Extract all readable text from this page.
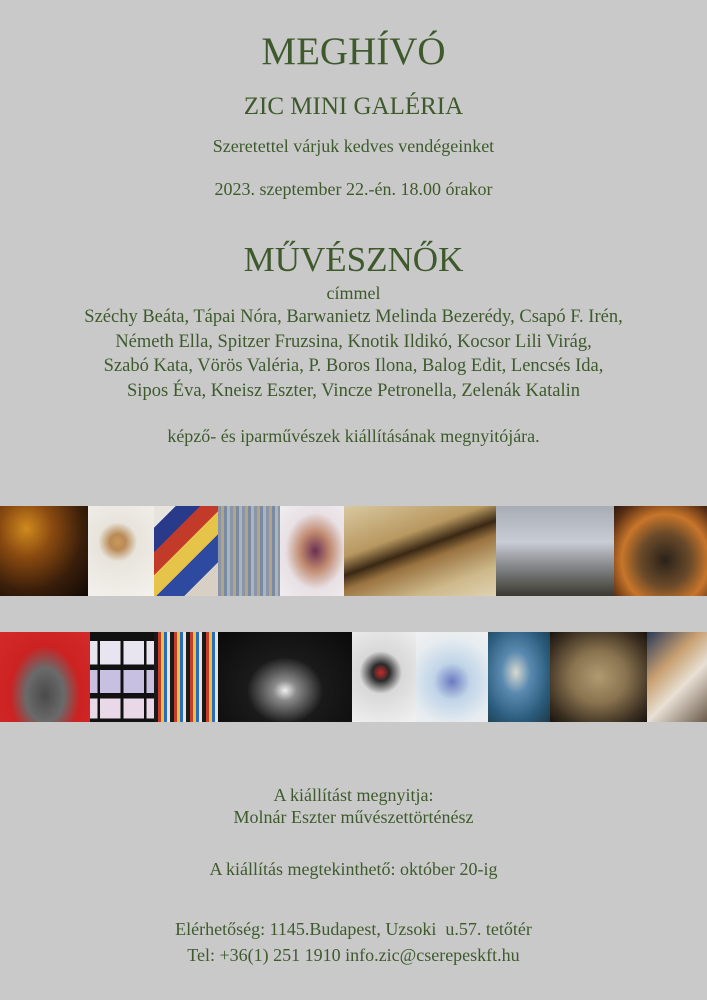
MEGHÍVÓ
ZIC MINI GALÉRIA
Szeretettel várjuk kedves vendégeinket
2023. szeptember 22.-én. 18.00 órakor
MŰVÉSZNŐK
címmel
Széchy Beáta, Tápai Nóra, Barwanietz Melinda Bezerédy, Csapó F. Irén,
Németh Ella, Spitzer Fruzsina, Knotik Ildikó, Kocsor Lili Virág,
Szabó Kata, Vörös Valéria, P. Boros Ilona, Balog Edit, Lencsés Ida,
Sipos Éva, Kneisz Eszter, Vincze Petronella, Zelenák Katalin
képző- és iparművészek kiállításának megnyitójára.
A kiállítást megnyitja:
Molnár Eszter művészettörténész
A kiállítás megtekinthető: október 20-ig
Elérhetőség: 1145.Budapest, Uzsoki  u.57. tetőtér
Tel: +36(1) 251 1910 info.zic@cserepeskft.hu
